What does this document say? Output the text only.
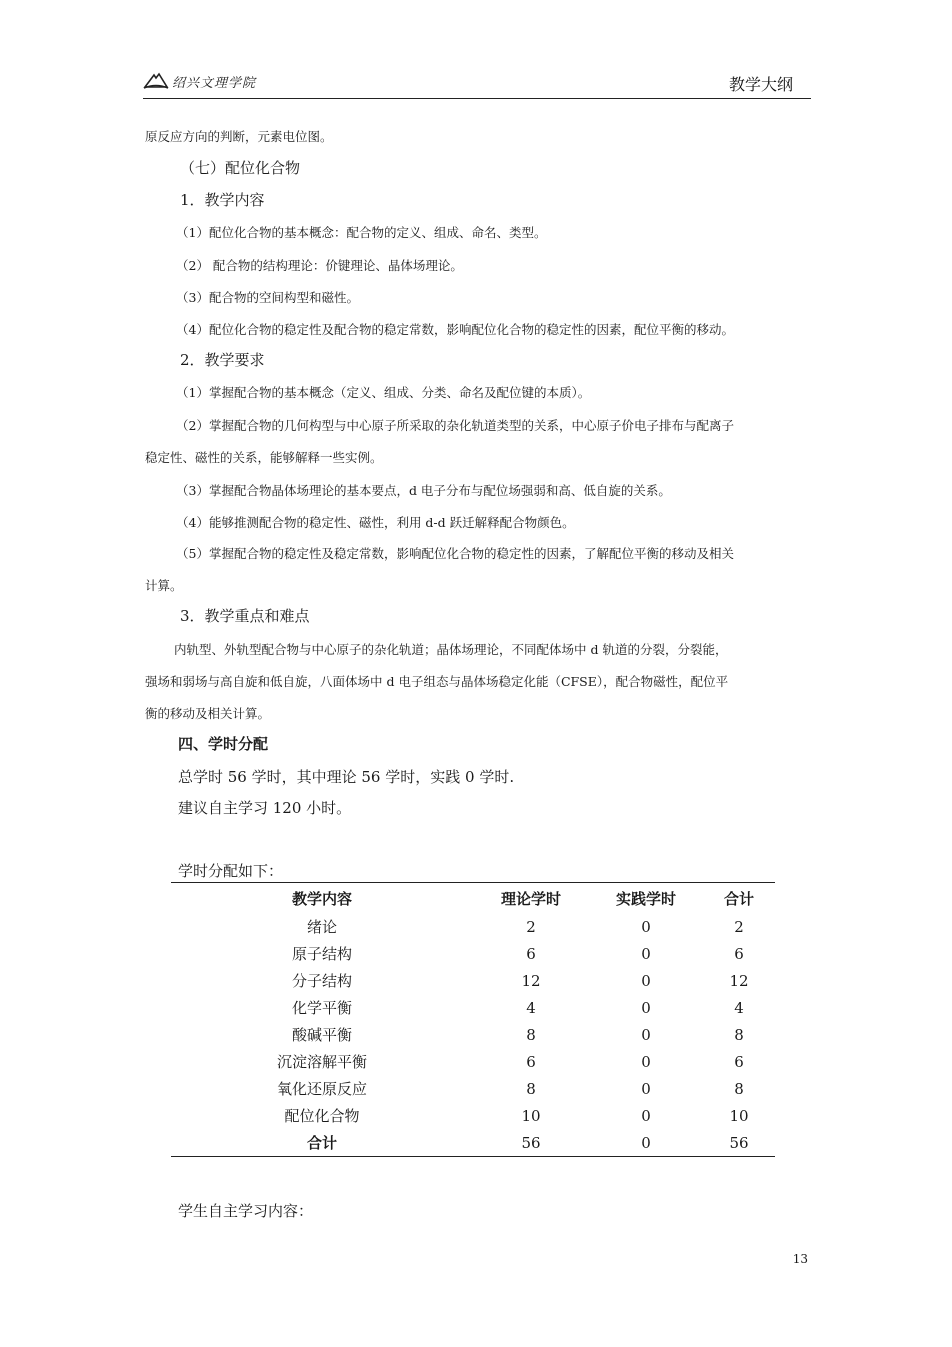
绍兴文理学院	教学大纲
原反应方向的判断，元素电位图。
（七）配位化合物
1．教学内容
（1）配位化合物的基本概念：配合物的定义、组成、命名、类型。
（2） 配合物的结构理论：价键理论、晶体场理论。
（3）配合物的空间构型和磁性。
（4）配位化合物的稳定性及配合物的稳定常数，影响配位化合物的稳定性的因素，配位平衡的移动。
2．教学要求
（1）掌握配合物的基本概念（定义、组成、分类、命名及配位键的本质）。
（2）掌握配合物的几何构型与中心原子所采取的杂化轨道类型的关系，中心原子价电子排布与配离子
稳定性、磁性的关系，能够解释一些实例。
（3）掌握配合物晶体场理论的基本要点，d 电子分布与配位场强弱和高、低自旋的关系。
（4）能够推测配合物的稳定性、磁性，利用 d-d 跃迁解释配合物颜色。
（5）掌握配合物的稳定性及稳定常数，影响配位化合物的稳定性的因素，了解配位平衡的移动及相关
计算。
3．教学重点和难点
内轨型、外轨型配合物与中心原子的杂化轨道；晶体场理论，不同配体场中 d 轨道的分裂，分裂能，
强场和弱场与高自旋和低自旋，八面体场中 d 电子组态与晶体场稳定化能（CFSE），配合物磁性，配位平
衡的移动及相关计算。
四、学时分配
总学时 56 学时，其中理论 56 学时，实践 0 学时.
建议自主学习 120 小时。
学时分配如下：
教学内容	理论学时	实践学时	合计
绪论	2	0	2
原子结构	6	0	6
分子结构	12	0	12
化学平衡	4	0	4
酸碱平衡	8	0	8
沉淀溶解平衡	6	0	6
氧化还原反应	8	0	8
配位化合物	10	0	10
合计	56	0	56
学生自主学习内容：
13
